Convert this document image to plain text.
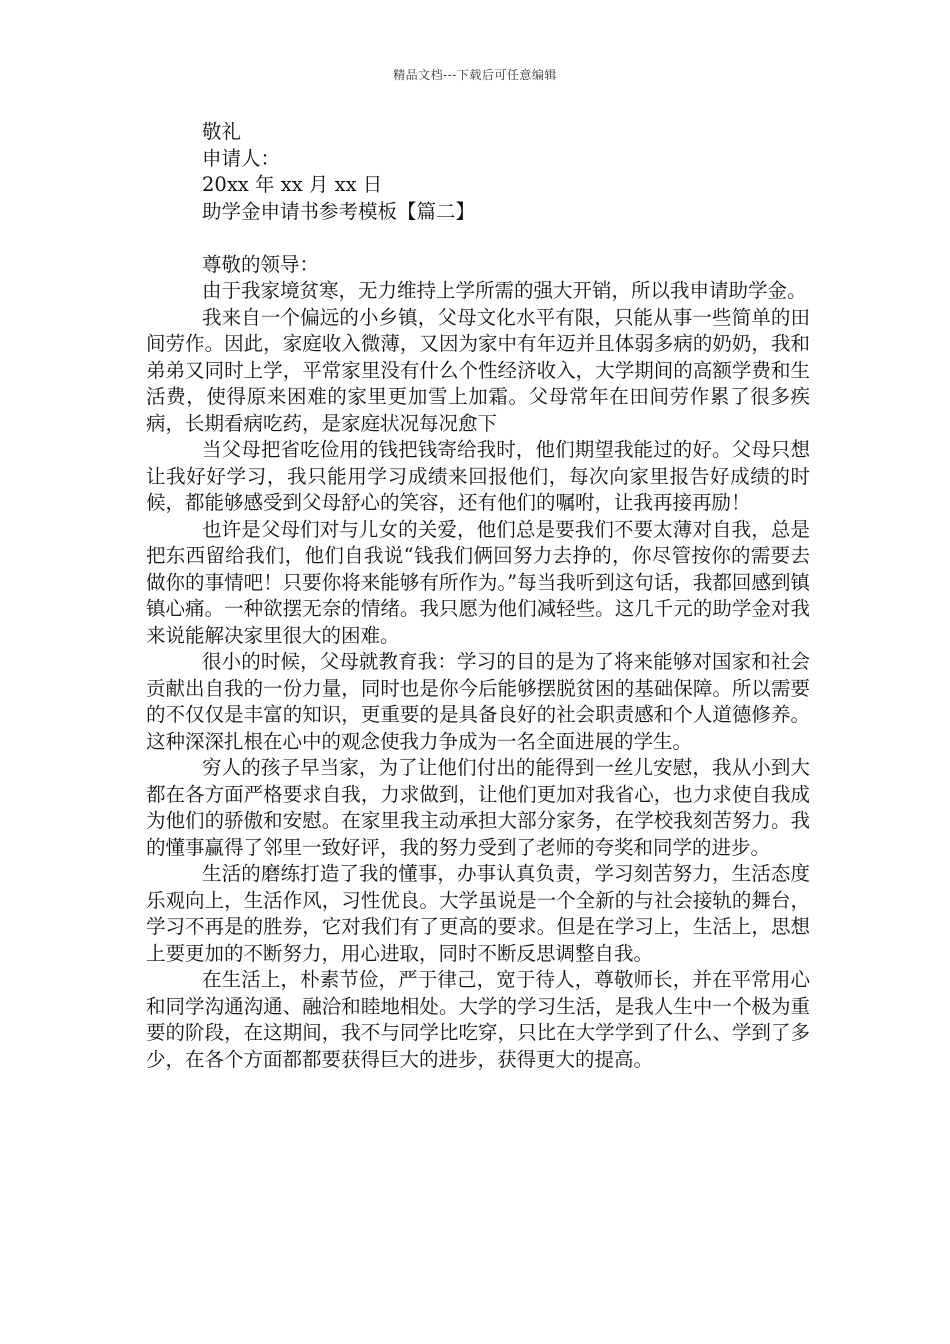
精品文档---下载后可任意编辑
敬礼
申请人：
20xx 年 xx 月 xx 日
助学金申请书参考模板【篇二】
尊敬的领导：

由于我家境贫寒，无力维持上学所需的强大开销，所以我申请助学金。

我来自一个偏远的小乡镇，父母文化水平有限，只能从事一些简单的田间劳作。因此，家庭收入微薄，又因为家中有年迈并且体弱多病的奶奶，我和弟弟又同时上学，平常家里没有什么个性经济收入，大学期间的高额学费和生活费，使得原来困难的家里更加雪上加霜。父母常年在田间劳作累了很多疾病，长期看病吃药，是家庭状况每况愈下

当父母把省吃俭用的钱把钱寄给我时，他们期望我能过的好。父母只想让我好好学习，我只能用学习成绩来回报他们，每次向家里报告好成绩的时候，都能够感受到父母舒心的笑容，还有他们的嘱咐，让我再接再励！

也许是父母们对与儿女的关爱，他们总是要我们不要太薄对自我，总是把东西留给我们，他们自我说“钱我们俩回努力去挣的，你尽管按你的需要去做你的事情吧！只要你将来能够有所作为。”每当我听到这句话，我都回感到镇镇心痛。一种欲摆无奈的情绪。我只愿为他们减轻些。这几千元的助学金对我来说能解决家里很大的困难。

很小的时候，父母就教育我：学习的目的是为了将来能够对国家和社会贡献出自我的一份力量，同时也是你今后能够摆脱贫困的基础保障。所以需要的不仅仅是丰富的知识，更重要的是具备良好的社会职责感和个人道德修养。这种深深扎根在心中的观念使我力争成为一名全面进展的学生。

穷人的孩子早当家，为了让他们付出的能得到一丝儿安慰，我从小到大都在各方面严格要求自我，力求做到，让他们更加对我省心，也力求使自我成为他们的骄傲和安慰。在家里我主动承担大部分家务，在学校我刻苦努力。我的懂事赢得了邻里一致好评，我的努力受到了老师的夸奖和同学的进步。

生活的磨练打造了我的懂事，办事认真负责，学习刻苦努力，生活态度乐观向上，生活作风，习性优良。大学虽说是一个全新的与社会接轨的舞台，学习不再是的胜券，它对我们有了更高的要求。但是在学习上，生活上，思想上要更加的不断努力，用心进取，同时不断反思调整自我。

在生活上，朴素节俭，严于律己，宽于待人，尊敬师长，并在平常用心和同学沟通沟通、融洽和睦地相处。大学的学习生活，是我人生中一个极为重要的阶段，在这期间，我不与同学比吃穿，只比在大学学到了什么、学到了多少，在各个方面都都要获得巨大的进步，获得更大的提高。
